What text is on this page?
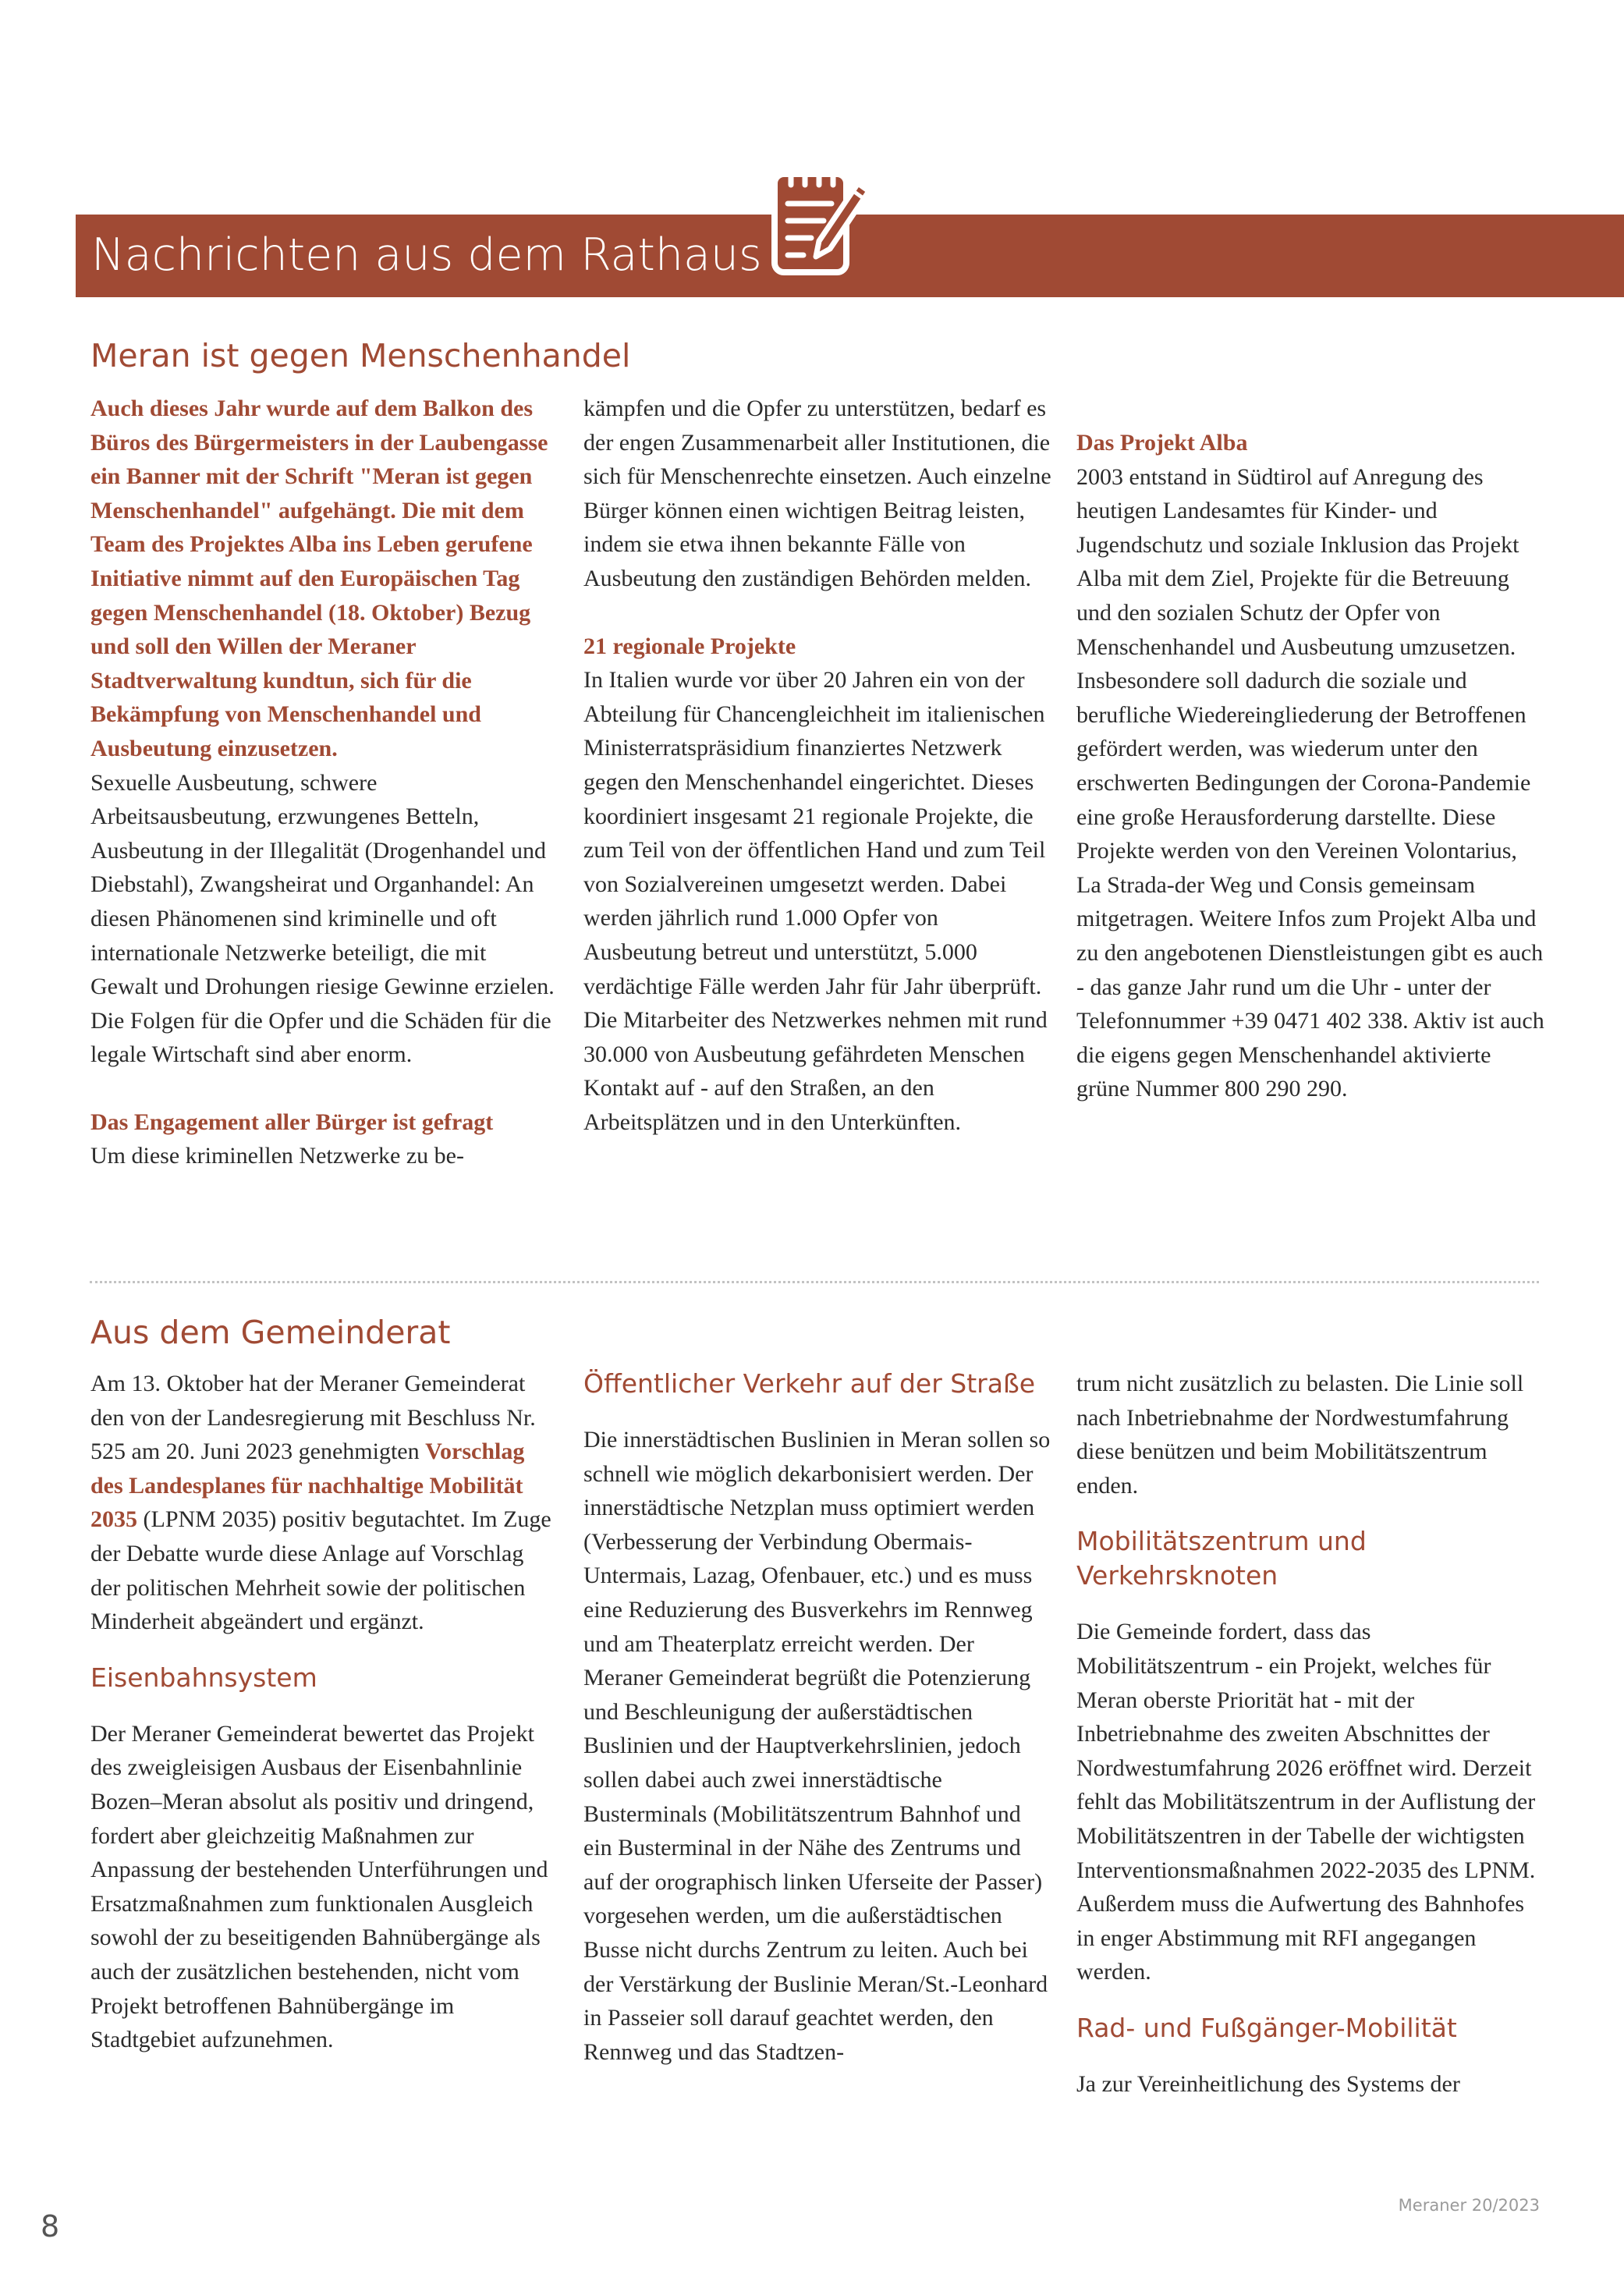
Nachrichten aus dem Rathaus
Meran ist gegen Menschenhandel

Auch dieses Jahr wurde auf dem Balkon des Büros des Bürgermeisters in der Laubengasse ein Banner mit der Schrift "Meran ist gegen Menschenhandel" aufgehängt. Die mit dem Team des Projektes Alba ins Leben gerufene Initiative nimmt auf den Europäischen Tag gegen Menschenhandel (18. Oktober) Bezug und soll den Willen der Meraner Stadtverwaltung kundtun, sich für die Bekämpfung von Menschenhandel und Ausbeutung einzusetzen.

Sexuelle Ausbeutung, schwere Arbeitsausbeutung, erzwungenes Betteln, Ausbeutung in der Illegalität (Drogenhandel und Diebstahl), Zwangsheirat und Organhandel: An diesen Phänomenen sind kriminelle und oft internationale Netzwerke beteiligt, die mit Gewalt und Drohungen riesige Gewinne erzielen. Die Folgen für die Opfer und die Schäden für die legale Wirtschaft sind aber enorm.

Das Engagement aller Bürger ist gefragt

Um diese kriminellen Netzwerke zu be-

kämpfen und die Opfer zu unterstützen, bedarf es der engen Zusammenarbeit aller Institutionen, die sich für Menschenrechte einsetzen. Auch einzelne Bürger können einen wichtigen Beitrag leisten, indem sie etwa ihnen bekannte Fälle von Ausbeutung den zuständigen Behörden melden.

21 regionale Projekte

In Italien wurde vor über 20 Jahren ein von der Abteilung für Chancengleichheit im italienischen Ministerratspräsidium finanziertes Netzwerk gegen den Menschenhandel eingerichtet. Dieses koordiniert insgesamt 21 regionale Projekte, die zum Teil von der öffentlichen Hand und zum Teil von Sozialvereinen umgesetzt werden. Dabei werden jährlich rund 1.000 Opfer von Ausbeutung betreut und unterstützt, 5.000 verdächtige Fälle werden Jahr für Jahr überprüft. Die Mitarbeiter des Netzwerkes nehmen mit rund 30.000 von Ausbeutung gefährdeten Menschen Kontakt auf - auf den Straßen, an den Arbeitsplätzen und in den Unterkünften.

Das Projekt Alba

2003 entstand in Südtirol auf Anregung des heutigen Landesamtes für Kinder- und Jugendschutz und soziale Inklusion das Projekt Alba mit dem Ziel, Projekte für die Betreuung und den sozialen Schutz der Opfer von Menschenhandel und Ausbeutung umzusetzen. Insbesondere soll dadurch die soziale und berufliche Wiedereingliederung der Betroffenen gefördert werden, was wiederum unter den erschwerten Bedingungen der Corona-Pandemie eine große Herausforderung darstellte. Diese Projekte werden von den Vereinen Volontarius, La Strada-der Weg und Consis gemeinsam mitgetragen. Weitere Infos zum Projekt Alba und zu den angebotenen Dienstleistungen gibt es auch - das ganze Jahr rund um die Uhr - unter der Telefonnummer +39 0471 402 338. Aktiv ist auch die eigens gegen Menschenhandel aktivierte grüne Nummer 800 290 290.

Aus dem Gemeinderat

Am 13. Oktober hat der Meraner Gemeinderat den von der Landesregierung mit Beschluss Nr. 525 am 20. Juni 2023 genehmigten Vorschlag des Landesplanes für nachhaltige Mobilität 2035 (LPNM 2035) positiv begutachtet. Im Zuge der Debatte wurde diese Anlage auf Vorschlag der politischen Mehrheit sowie der politischen Minderheit abgeändert und ergänzt.

Eisenbahnsystem

Der Meraner Gemeinderat bewertet das Projekt des zweigleisigen Ausbaus der Eisenbahnlinie Bozen–Meran absolut als positiv und dringend, fordert aber gleichzeitig Maßnahmen zur Anpassung der bestehenden Unterführungen und Ersatzmaßnahmen zum funktionalen Ausgleich sowohl der zu beseitigenden Bahnübergänge als auch der zusätzlichen bestehenden, nicht vom Projekt betroffenen Bahnübergänge im Stadtgebiet aufzunehmen.

Öffentlicher Verkehr auf der Straße

Die innerstädtischen Buslinien in Meran sollen so schnell wie möglich dekarbonisiert werden. Der innerstädtische Netzplan muss optimiert werden (Verbesserung der Verbindung Obermais-Untermais, Lazag, Ofenbauer, etc.) und es muss eine Reduzierung des Busverkehrs im Rennweg und am Theaterplatz erreicht werden. Der Meraner Gemeinderat begrüßt die Potenzierung und Beschleunigung der außerstädtischen Buslinien und der Hauptverkehrslinien, jedoch sollen dabei auch zwei innerstädtische Busterminals (Mobilitätszentrum Bahnhof und ein Busterminal in der Nähe des Zentrums und auf der orographisch linken Uferseite der Passer) vorgesehen werden, um die außerstädtischen Busse nicht durchs Zentrum zu leiten. Auch bei der Verstärkung der Buslinie Meran/St.-Leonhard in Passeier soll darauf geachtet werden, den Rennweg und das Stadtzen-

trum nicht zusätzlich zu belasten. Die Linie soll nach Inbetriebnahme der Nordwestumfahrung diese benützen und beim Mobilitätszentrum enden.

Mobilitätszentrum und Verkehrsknoten

Die Gemeinde fordert, dass das Mobilitätszentrum - ein Projekt, welches für Meran oberste Priorität hat - mit der Inbetriebnahme des zweiten Abschnittes der Nordwestumfahrung 2026 eröffnet wird. Derzeit fehlt das Mobilitätszentrum in der Auflistung der Mobilitätszentren in der Tabelle der wichtigsten Interventionsmaßnahmen 2022-2035 des LPNM. Außerdem muss die Aufwertung des Bahnhofes in enger Abstimmung mit RFI angegangen werden.

Rad- und Fußgänger-Mobilität

Ja zur Vereinheitlichung des Systems der

8
Meraner 20/2023
